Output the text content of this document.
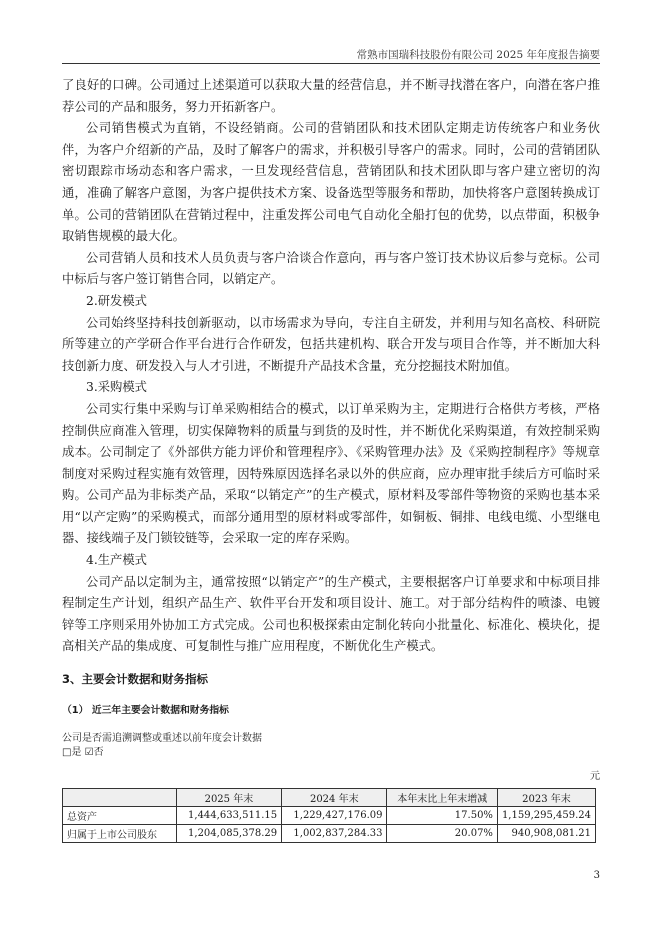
常熟市国瑞科技股份有限公司 2025 年年度报告摘要

了良好的口碑。公司通过上述渠道可以获取大量的经营信息，并不断寻找潜在客户，向潜在客户推荐公司的产品和服务，努力开拓新客户。

公司销售模式为直销，不设经销商。公司的营销团队和技术团队定期走访传统客户和业务伙伴，为客户介绍新的产品，及时了解客户的需求，并积极引导客户的需求。同时，公司的营销团队密切跟踪市场动态和客户需求，一旦发现经营信息，营销团队和技术团队即与客户建立密切的沟通，准确了解客户意图，为客户提供技术方案、设备选型等服务和帮助，加快将客户意图转换成订单。公司的营销团队在营销过程中，注重发挥公司电气自动化全船打包的优势，以点带面，积极争取销售规模的最大化。

公司营销人员和技术人员负责与客户洽谈合作意向，再与客户签订技术协议后参与竞标。公司中标后与客户签订销售合同，以销定产。

2.研发模式

公司始终坚持科技创新驱动，以市场需求为导向，专注自主研发，并利用与知名高校、科研院所等建立的产学研合作平台进行合作研发，包括共建机构、联合开发与项目合作等，并不断加大科技创新力度、研发投入与人才引进，不断提升产品技术含量，充分挖掘技术附加值。

3.采购模式

公司实行集中采购与订单采购相结合的模式，以订单采购为主，定期进行合格供方考核，严格控制供应商准入管理，切实保障物料的质量与到货的及时性，并不断优化采购渠道，有效控制采购成本。公司制定了《外部供方能力评价和管理程序》、《采购管理办法》及《采购控制程序》等规章制度对采购过程实施有效管理，因特殊原因选择名录以外的供应商，应办理审批手续后方可临时采购。公司产品为非标类产品，采取“以销定产”的生产模式，原材料及零部件等物资的采购也基本采用“以产定购”的采购模式，而部分通用型的原材料或零部件，如铜板、铜排、电线电缆、小型继电器、接线端子及门锁铰链等，会采取一定的库存采购。

4.生产模式

公司产品以定制为主，通常按照“以销定产”的生产模式，主要根据客户订单要求和中标项目排程制定生产计划，组织产品生产、软件平台开发和项目设计、施工。对于部分结构件的喷漆、电镀锌等工序则采用外协加工方式完成。公司也积极探索由定制化转向小批量化、标准化、模块化，提高相关产品的集成度、可复制性与推广应用程度，不断优化生产模式。

3、主要会计数据和财务指标
（1） 近三年主要会计数据和财务指标
公司是否需追溯调整或重述以前年度会计数据
□是 ☑否
元
	2025 年末	2024 年末	本年末比上年末增减	2023 年末
总资产	1,444,633,511.15	1,229,427,176.09	17.50%	1,159,295,459.24
归属于上市公司股东	1,204,085,378.29	1,002,837,284.33	20.07%	940,908,081.21
3
